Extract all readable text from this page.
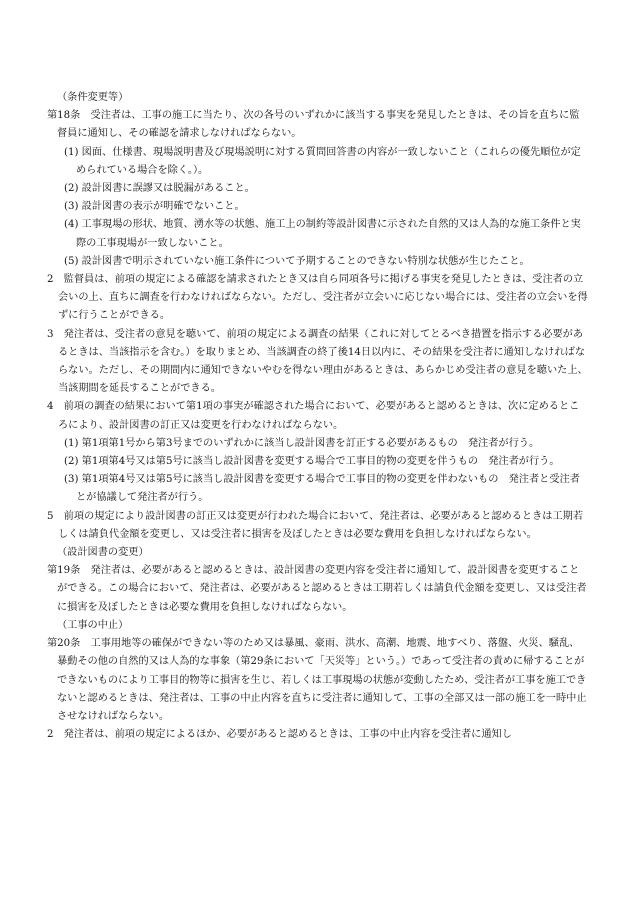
（条件変更等）

第18条　受注者は、工事の施工に当たり、次の各号のいずれかに該当する事実を発見したときは、その旨を直ちに監督員に通知し、その確認を請求しなければならない。

(1) 図面、仕様書、現場説明書及び現場説明に対する質問回答書の内容が一致しないこと（これらの優先順位が定められている場合を除く。）。

(2) 設計図書に誤謬又は脱漏があること。

(3) 設計図書の表示が明確でないこと。

(4) 工事現場の形状、地質、湧水等の状態、施工上の制約等設計図書に示された自然的又は人為的な施工条件と実際の工事現場が一致しないこと。

(5) 設計図書で明示されていない施工条件について予期することのできない特別な状態が生じたこと。

2　監督員は、前項の規定による確認を請求されたとき又は自ら同項各号に掲げる事実を発見したときは、受注者の立会いの上、直ちに調査を行わなければならない。ただし、受注者が立会いに応じない場合には、受注者の立会いを得ずに行うことができる。

3　発注者は、受注者の意見を聴いて、前項の規定による調査の結果（これに対してとるべき措置を指示する必要があるときは、当該指示を含む。）を取りまとめ、当該調査の終了後14日以内に、その結果を受注者に通知しなければならない。ただし、その期間内に通知できないやむを得ない理由があるときは、あらかじめ受注者の意見を聴いた上、当該期間を延長することができる。

4　前項の調査の結果において第1項の事実が確認された場合において、必要があると認めるときは、次に定めるところにより、設計図書の訂正又は変更を行わなければならない。

(1) 第1項第1号から第3号までのいずれかに該当し設計図書を訂正する必要があるもの　発注者が行う。

(2) 第1項第4号又は第5号に該当し設計図書を変更する場合で工事目的物の変更を伴うもの　発注者が行う。

(3) 第1項第4号又は第5号に該当し設計図書を変更する場合で工事目的物の変更を伴わないもの　発注者と受注者とが協議して発注者が行う。

5　前項の規定により設計図書の訂正又は変更が行われた場合において、発注者は、必要があると認めるときは工期若しくは請負代金額を変更し、又は受注者に損害を及ぼしたときは必要な費用を負担しなければならない。

（設計図書の変更）

第19条　発注者は、必要があると認めるときは、設計図書の変更内容を受注者に通知して、設計図書を変更することができる。この場合において、発注者は、必要があると認めるときは工期若しくは請負代金額を変更し、又は受注者に損害を及ぼしたときは必要な費用を負担しなければならない。

（工事の中止）

第20条　工事用地等の確保ができない等のため又は暴風、豪雨、洪水、高潮、地震、地すべり、落盤、火災、騒乱、暴動その他の自然的又は人為的な事象（第29条において「天災等」という。）であって受注者の責めに帰することができないものにより工事目的物等に損害を生じ、若しくは工事現場の状態が変動したため、受注者が工事を施工できないと認めるときは、発注者は、工事の中止内容を直ちに受注者に通知して、工事の全部又は一部の施工を一時中止させなければならない。

2　発注者は、前項の規定によるほか、必要があると認めるときは、工事の中止内容を受注者に通知し
